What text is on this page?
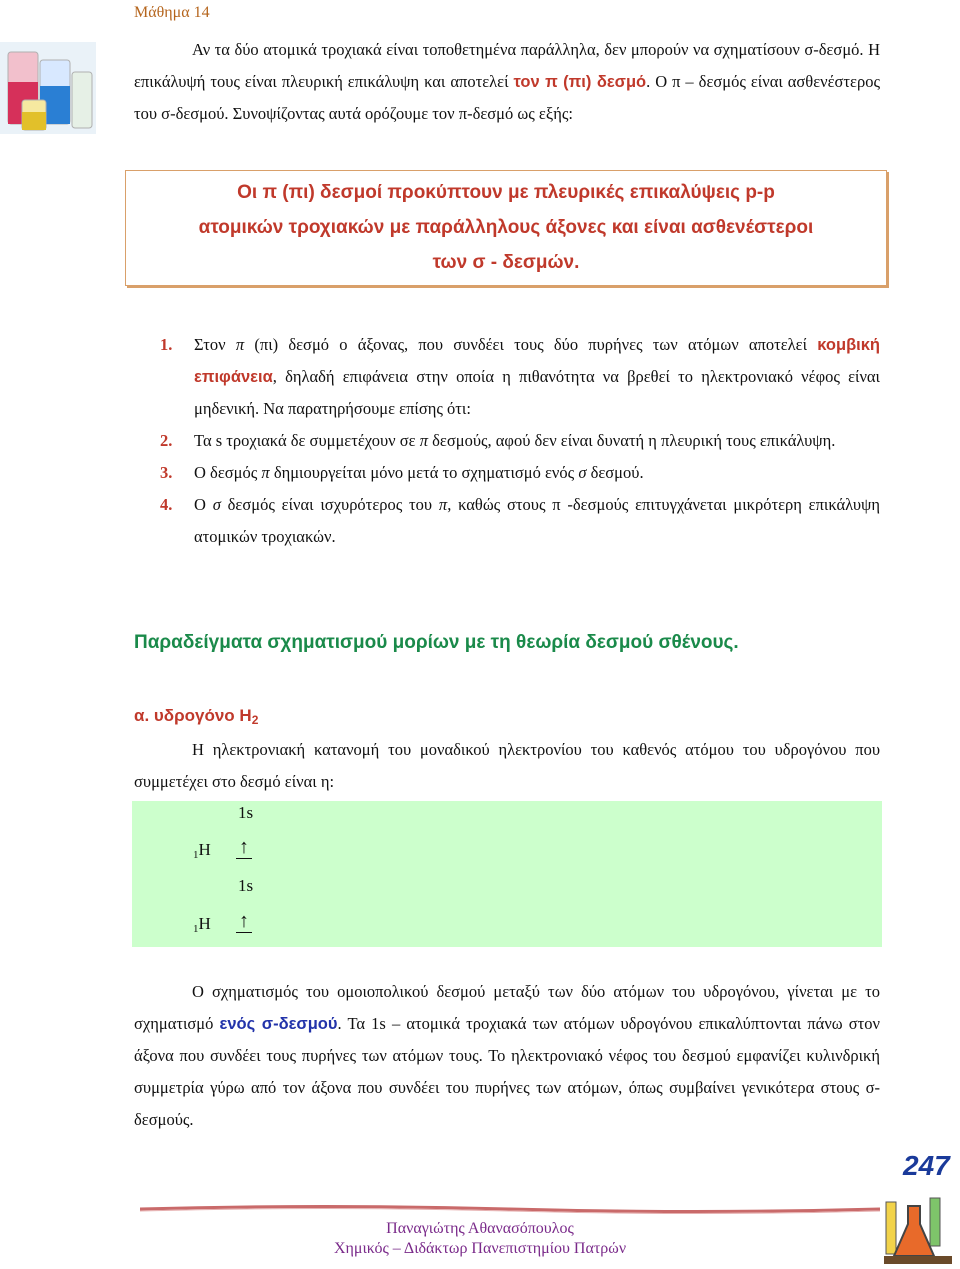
Μάθημα 14
Αν τα δύο ατομικά τροχιακά είναι τοποθετημένα παράλληλα, δεν μπορούν να σχηματίσουν σ-δεσμό. Η επικάλυψή τους είναι πλευρική επικάλυψη και αποτελεί τον π (πι) δεσμό. Ο π – δεσμός είναι ασθενέστερος του σ-δεσμού. Συνοψίζοντας αυτά ορόζουμε τον π-δεσμό ως εξής:
Οι π (πι) δεσμοί προκύπτουν με πλευρικές επικαλύψεις p-p
ατομικών τροχιακών με παράλληλους άξονες και είναι ασθενέστεροι
των σ - δεσμών.
1. Στον π (πι) δεσμό ο άξονας, που συνδέει τους δύο πυρήνες των ατόμων αποτελεί κομβική επιφάνεια, δηλαδή επιφάνεια στην οποία η πιθανότητα να βρεθεί το ηλεκτρονιακό νέφος είναι μηδενική. Να παρατηρήσουμε επίσης ότι:
2. Τα s τροχιακά δε συμμετέχουν σε π δεσμούς, αφού δεν είναι δυνατή η πλευρική τους επικάλυψη.
3. Ο δεσμός π δημιουργείται μόνο μετά το σχηματισμό ενός σ δεσμού.
4. Ο σ δεσμός είναι ισχυρότερος του π, καθώς στους π -δεσμούς επιτυγχάνεται μικρότερη επικάλυψη ατομικών τροχιακών.
Παραδείγματα σχηματισμού μορίων με τη θεωρία δεσμού σθένους.
α. υδρογόνο Η2
Η ηλεκτρονιακή κατανομή του μοναδικού ηλεκτρονίου του καθενός ατόμου του υδρογόνου που συμμετέχει στο δεσμό είναι η:
1s
$_1$H ↑
1s
$_1$H ↑
Ο σχηματισμός του ομοιοπολικού δεσμού μεταξύ των δύο ατόμων του υδρογόνου, γίνεται με το σχηματισμό ενός σ-δεσμού. Τα 1s – ατομικά τροχιακά των ατόμων υδρογόνου επικαλύπτονται πάνω στον άξονα που συνδέει τους πυρήνες των ατόμων τους. Το ηλεκτρονιακό νέφος του δεσμού εμφανίζει κυλινδρική συμμετρία γύρω από τον άξονα που συνδέει του πυρήνες των ατόμων, όπως συμβαίνει γενικότερα στους σ-δεσμούς.
247
Παναγιώτης Αθανασόπουλος
Χημικός – Διδάκτωρ Πανεπιστημίου Πατρών
